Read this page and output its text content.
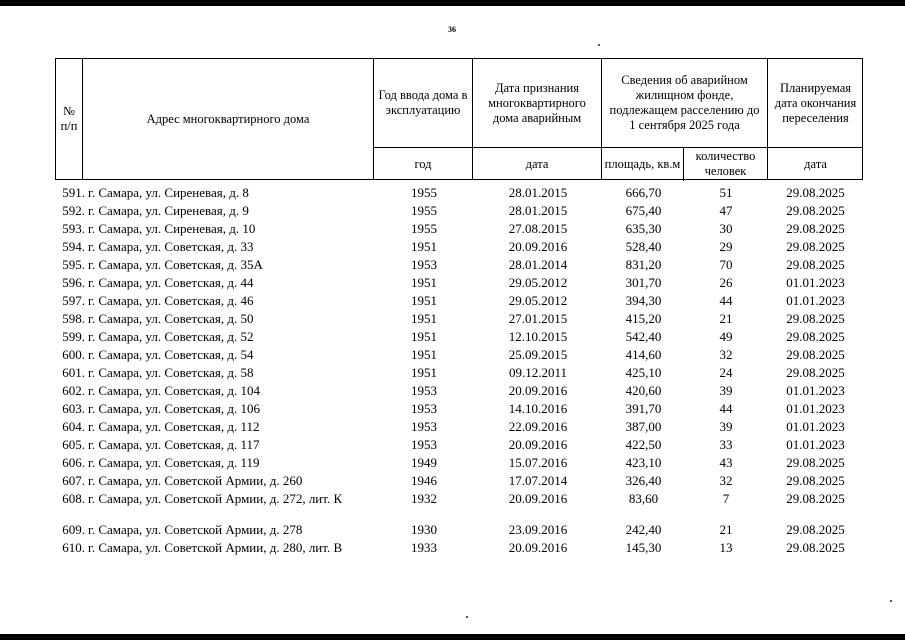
36
№ п/п
Адрес многоквартирного дома
Год ввода дома в эксплуатацию
Дата признания многоквартирного дома аварийным
Сведения об аварийном жилищном фонде, подлежащем расселению до 1 сентября 2025 года
Планируемая дата окончания переселения
год	дата	площадь, кв.м
количество человек
дата
591. г. Самара, ул. Сиреневая, д. 8	1955	28.01.2015	666,70	51	29.08.2025
592. г. Самара, ул. Сиреневая, д. 9	1955	28.01.2015	675,40	47	29.08.2025
593. г. Самара, ул. Сиреневая, д. 10	1955	27.08.2015	635,30	30	29.08.2025
594. г. Самара, ул. Советская, д. 33	1951	20.09.2016	528,40	29	29.08.2025
595. г. Самара, ул. Советская, д. 35А	1953	28.01.2014	831,20	70	29.08.2025
596. г. Самара, ул. Советская, д. 44	1951	29.05.2012	301,70	26	01.01.2023
597. г. Самара, ул. Советская, д. 46	1951	29.05.2012	394,30	44	01.01.2023
598. г. Самара, ул. Советская, д. 50	1951	27.01.2015	415,20	21	29.08.2025
599. г. Самара, ул. Советская, д. 52	1951	12.10.2015	542,40	49	29.08.2025
600. г. Самара, ул. Советская, д. 54	1951	25.09.2015	414,60	32	29.08.2025
601. г. Самара, ул. Советская, д. 58	1951	09.12.2011	425,10	24	29.08.2025
602. г. Самара, ул. Советская, д. 104	1953	20.09.2016	420,60	39	01.01.2023
603. г. Самара, ул. Советская, д. 106	1953	14.10.2016	391,70	44	01.01.2023
604. г. Самара, ул. Советская, д. 112	1953	22.09.2016	387,00	39	01.01.2023
605. г. Самара, ул. Советская, д. 117	1953	20.09.2016	422,50	33	01.01.2023
606. г. Самара, ул. Советская, д. 119	1949	15.07.2016	423,10	43	29.08.2025
607. г. Самара, ул. Советской Армии, д. 260	1946	17.07.2014	326,40	32	29.08.2025
608. г. Самара, ул. Советской Армии, д. 272, лит. К	1932	20.09.2016	83,60	7	29.08.2025
609. г. Самара, ул. Советской Армии, д. 278	1930	23.09.2016	242,40	21	29.08.2025
610. г. Самара, ул. Советской Армии, д. 280, лит. В	1933	20.09.2016	145,30	13	29.08.2025
